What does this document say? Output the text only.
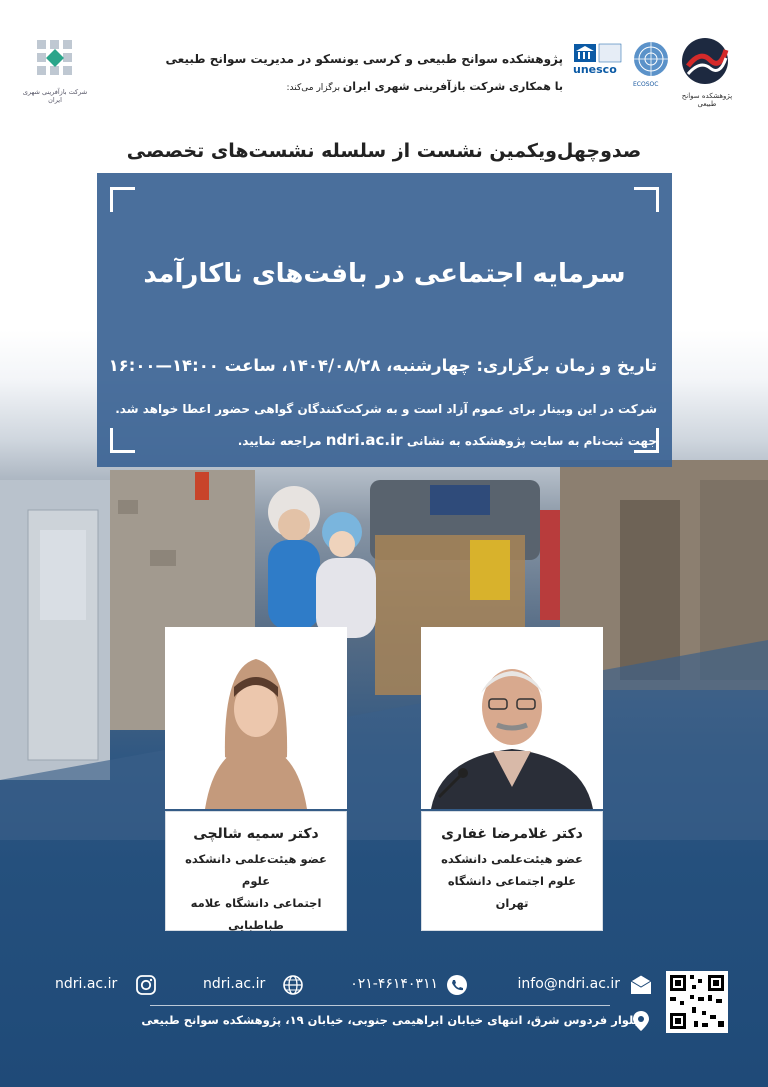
شرکت بازآفرینی شهری ایران
پژوهشکده سوانح طبیعی و کرسی یونسکو در مدیریت سوانح طبیعی
با همکاری شرکت بازآفرینی شهری ایران برگزار می‌کند:
unesco
ECOSOC
پژوهشکده سوانح طبیعی
صدوچهل‌ویکمین نشست از سلسله نشست‌های تخصصی
سرمایه اجتماعی در بافت‌های ناکارآمد
تاریخ و زمان برگزاری: چهارشنبه، ۱۴۰۴/۰۸/۲۸، ساعت ۱۴:۰۰—۱۶:۰۰
شرکت در این وبینار برای عموم آزاد است و به شرکت‌کنندگان گواهی حضور اعطا خواهد شد.
جهت ثبت‌نام به سایت پژوهشکده به نشانی ndri.ac.ir مراجعه نمایید.
دکتر سمیه شالچی
عضو هیئت‌علمی دانشکده علوم
اجتماعی دانشگاه علامه طباطبایی
دکتر غلامرضا غفاری
عضو هیئت‌علمی دانشکده
علوم اجتماعی دانشگاه تهران
info@ndri.ac.ir
۰۲۱-۴۶۱۴۰۳۱۱
ndri.ac.ir
ndri.ac.ir
بلوار فردوس شرق، انتهای خیابان ابراهیمی جنوبی، خیابان ۱۹، پژوهشکده سوانح طبیعی
